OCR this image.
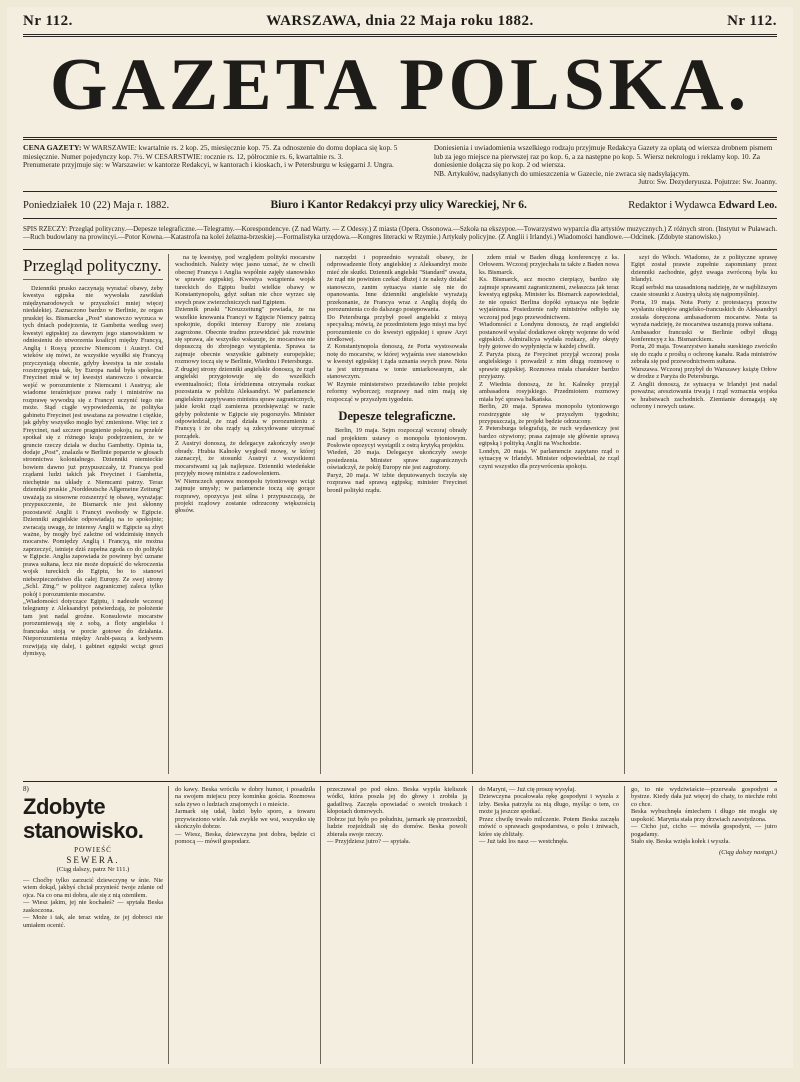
Nr 112.	WARSZAWA, dnia 22 Maja roku 1882.	Nr 112.
GAZETA POLSKA.
CENA GAZETY: W WARSZAWIE: kwartalnie rs. 2 kop. 25, miesięcznie kop. 75. Za odnoszenie do domu dopłaca się kop. 5 miesięcznie. Numer pojedynczy kop. 7½. W CESARSTWIE: rocznie rs. 12, półrocznie rs. 6, kwartalnie rs. 3.
Prenumerate przyjmuje się: w Warszawie: w kantorze Redakcyi, w kantorach i kioskach, i w Petersburgu w księgarni J. Ungra.
Doniesienia i uwiadomienia wszelkiego rodzaju przyjmuje Redakcya Gazety za opłatą od wiersza drobnem pismem lub za jego miejsce na pierwszej raz po kop. 6, a za następne po kop. 5. Wiersz nekrologu i reklamy kop. 10. Za doniesienie dołącza się po kop. 2 od wiersza.
NB. Artykułów, nadsyłanych do umieszczenia w Gazecie, nie zwraca się nadsyłającym.
Jutro: Sw. Dezyderyusza. Pojutrze: Sw. Joanny.
Poniedziałek 10 (22) Maja r. 1882.	Biuro i Kantor Redakcyi przy ulicy Wareckiej, Nr 6.	Redaktor i Wydawca Edward Leo.
SPIS RZECZY: Przegląd polityczny.—Depesze telegraficzne.—Telegramy.—Korespondencye. (Z nad Warty. — Z Odessy.) Z miasta (Opera. Ossonowa.—Szkoła na ekszypoe.—Towarzystwo wyparcia dla artystów muzycznych.) Z różnych stron. (Instytut w Puławach.—Ruch budowlany na prowincyi.—Potor Kowna.—Katastrofa na kolei żelazna-brzeskiej.—Formalistyka urzędowa.—Kongres literacki w Rzymie.) Artykuły policyjne. (Z Anglii i Irlandyi.) Wiadomości handlowe.—Odcinek. (Zdobyte stanowisko.)
Przegląd polityczny.
Dzienniki prusko zaczynają wyrażać obawy, żeby kwestya egipska nie wywołała zawikłań międzynarodowych w przyszłości mniej więcej niedalekiej. Zaznaczono bardzo w Berlinie, że organ pruskiej ks. Bismarcka „Post” stanowczo wyrzuca w tych dniach podejrzenia, iż Gambetta według swej kwestyi egipskiej za dawnym jego stanowiskiem w odniesieniu do utworzenia koalicyi między Francyą, Anglią i Rosyą przeciw Niemcom i Austryi. Od wieków się mówi, że wszystkie wysiłki się Francyą przyczyniają obecnie, gdyby kwestya ta nie została rozstrzygnięta tak, by Europa nadal była spokojna. Freycinet miał w tej kwestyi stanowczo i otwarcie wejść w porozumienie z Niemcami i Austryą; ale wiadome teraźniejsze prawa rady i ministrów na rozprawę wywodzą się z Francyi uczynić tego nie może. Stąd ciągłe wypowiedzenia, że polityka gabinetu Freycinet jest uważana za poważne i ciężkie, jak gdyby wszystko mogło być zmienione. Więc też z Freycinet, nad szczere pragnienie pokoju, na przekór spotkał się z różnego kraju podejrzeniem, że w gruncie rzeczy działa w duchu Gambetty. Opinia ta, dodaje „Post”, znalazła w Berlinie poparcie w głosach stronnictwa kolonialnego. Dzienniki niemieckie bowiem dawno już przypuszczały, iż Francya pod rządami ludzi takich jak Freycinet i Gambetta, niechętnie na układy z Niemcami patrzy. Teraz dzienniki pruskie „Norddeutsche Allgemeine Zeitung” uważają za stosowne rozszerzyć tę obawę, wyrażając przypuszczenie, że Bismarck nie jest skłonny pozostawić Anglii i Francyi swobody w Egipcie. Dzienniki angielskie odpowiadają na to spokojnie; zwracają uwagę, że interesy Anglii w Egipcie są zbyt ważne, by mogły być zależne od widzimisię innych mocarstw. Pomiędzy Anglią i Francyą, nie można zaprzeczyć, istnieje dziś zupełna zgoda co do polityki w Egipcie. Anglia zapowiada że powinny być uznane prawa sułtana, lecz nie może dopuścić do wkroczenia wojsk tureckich do Egiptu, bo to stanowi niebezpieczeństwo dla całej Europy. Ze swej strony „Schl. Ztng.” w polityce zagranicznej zaleca tylko pokój i porozumienie mocarstw.
„Wiadomości dotyczące Egiptu, i nadeszłe wczoraj telegramy z Aleksandryi potwierdzają, że położenie tam jest nadal groźne. Konsulowie mocarstw porozumiewają się z sobą, a floty angielska i francuska stoją w porcie gotowe do działania. Nieporozumienia między Arabi-paszą a kedywem rozwijają się dalej, i gabinet egipski wciąż grozi dymisyą.
na tę kwestyę, pod względem polityki mocarstw wschodnich. Należy więc jasno uznać, że w chwili obecnej Francya i Anglia wspólnie zajęły stanowisko w sprawie egipskiej. Kwestya wstąpienia wojsk tureckich do Egiptu budzi wielkie obawy w Konstantynopolu, gdyż sułtan nie chce wyrzec się swych praw zwierzchniczych nad Egiptem.
Dziennik pruski "Kreuzzeitung" powiada, że na wszelkie knowania Francyi w Egipcie Niemcy patrzą spokojnie, dopóki interesy Europy nie zostaną zagrożone. Obecnie trudno przewidzieć jak rozwinie się sprawa, ale wszystko wskazuje, że mocarstwa nie dopuszczą do zbrojnego wystąpienia. Sprawa ta zajmuje obecnie wszystkie gabinety europejskie; rozmowy toczą się w Berlinie, Wiedniu i Petersburgu.
Z drugiej strony dzienniki angielskie donoszą, że rząd angielski przygotowuje się do wszelkich ewentualności; flota śródziemna otrzymała rozkaz pozostania w pobliżu Aleksandryi. W parlamencie angielskim zapytywano ministra spraw zagranicznych, jakie kroki rząd zamierza przedsięwziąć w razie gdyby położenie w Egipcie się pogorszyło. Minister odpowiedział, że rząd działa w porozumieniu z Francyą i że oba rządy są zdecydowane utrzymać porządek.
Z Austryi donoszą, że delegacye zakończyły swoje obrady. Hrabia Kalnoky wygłosił mowę, w której zaznaczył, że stosunki Austryi z wszystkiemi mocarstwami są jak najlepsze. Dzienniki wiedeńskie przyjęły mowę ministra z zadowoleniem.
W Niemczech sprawa monopolu tytoniowego wciąż zajmuje umysły; w parlamencie toczą się gorące rozprawy, opozycya jest silna i przypuszczają, że projekt rządowy zostanie odrzucony większością głosów.
narzędzi i poprzednio wyrażali obawy, że odprowadzenie floty angielskiej z Aleksandryi może mieć złe skutki. Dziennik angielski "Standard" uważa, że rząd nie powinien czekać dłużej i że należy działać stanowczo, zanim sytuacya stanie się nie do opanowania. Inne dzienniki angielskie wyrażają przekonanie, że Francya wraz z Anglią dojdą do porozumienia co do dalszego postępowania.
Do Petersburga przybył poseł angielski z misyą specyalną; mówią, że przedmiotem jego misyi ma być porozumienie co do kwestyi egipskiej i spraw Azyi środkowej.
Z Konstantynopola donoszą, że Porta wystosowała notę do mocarstw, w której wyjaśnia swe stanowisko w kwestyi egipskiej i żąda uznania swych praw. Nota ta jest utrzymana w tonie umiarkowanym, ale stanowczym.
W Rzymie ministerstwo przedstawiło izbie projekt reformy wyborczej; rozprawy nad nim mają się rozpocząć w przyszłym tygodniu.
Depesze telegraficzne.
Berlin, 19 maja. Sejm rozpoczął wczoraj obrady nad projektem ustawy o monopolu tytoniowym. Posłowie opozycyi wystąpili z ostrą krytyką projektu.
Wiedeń, 20 maja. Delegacye ukończyły swoje posiedzenia. Minister spraw zagranicznych oświadczył, że pokój Europy nie jest zagrożony.
Paryż, 20 maja. W izbie deputowanych toczyła się rozprawa nad sprawą egipską; minister Freycinet bronił polityki rządu.
zdem miał w Baden długą konferencyę z ks. Orłowem. Wczoraj przyjechała tu także z Baden nowa ks. Bismarck.
Ks. Bismarck, acz mocno cierpiący, bardzo się zajmuje sprawami zagranicznemi, zwłaszcza jak teraz kwestyą egipską. Minister ks. Bismarck zapowiedział, że nie opuści Berlina dopóki sytuacya nie będzie wyjaśniona. Posiedzenie rady ministrów odbyło się wczoraj pod jego przewodnictwem.
Wiadomości z Londynu donoszą, że rząd angielski postanowił wysłać dodatkowe okręty wojenne do wód egipskich. Admiralicya wydała rozkazy, aby okręty były gotowe do wypłynięcia w każdej chwili.
Z Paryża piszą, że Freycinet przyjął wczoraj posła angielskiego i prowadził z nim długą rozmowę o sprawie egipskiej. Rozmowa miała charakter bardzo przyjazny.
Z Wiednia donoszą, że hr. Kalnoky przyjął ambasadora rosyjskiego. Przedmiotem rozmowy miała być sprawa bałkańska.
Berlin, 20 maja. Sprawa monopolu tytoniowego rozstrzygnie się w przyszłym tygodniu; przypuszczają, że projekt będzie odrzucony.
Z Petersburga telegrafują, że ruch wydawniczy jest bardzo ożywiony; prasa zajmuje się głównie sprawą egipską i polityką Anglii na Wschodzie.
Londyn, 20 maja. W parlamencie zapytano rząd o sytuacyę w Irlandyi. Minister odpowiedział, że rząd czyni wszystko dla przywrócenia spokoju.
szyi do Włoch. Wiadomo, że z polityczne sprawę Egipt został prawie zupełnie zapomniany przez dzienniki zachodnie, gdyż uwaga zwróconą była ku Irlandyi.
Rząd serbski ma uzasadnioną nadzieję, że w najbliższym czasie stosunki z Austryą ułożą się najpomyślniej.
Porta, 19 maja. Nota Porty z protestacyą przeciw wysłaniu okrętów angielsko-francuskich do Aleksandryi została doręczona ambasadorom mocarstw. Nota ta wyraża nadzieję, że mocarstwa uszanują prawa sułtana.
Ambasador francuski w Berlinie odbył długą konferencyę z ks. Bismarckiem.
Porta, 20 maja. Towarzystwo kanału sueskiego zwróciło się do rządu z prośbą o ochronę kanału. Rada ministrów zebrała się pod przewodnictwem sułtana.
Warszawa. Wczoraj przybył do Warszawy książę Orłow w drodze z Paryża do Petersburga.
Z Anglii donoszą, że sytuacya w Irlandyi jest nadal poważna; aresztowania trwają i rząd wzmacnia wojska w hrabstwach zachodnich. Ziemianie domagają się ochrony i nowych ustaw.
8)
Zdobyte stanowisko.
POWIEŚĆ
SEWERA.
(Ciąg dalszy, patrz Nr 111.)
— Choćby tylko zarzucić dziewczynę w śnie. Nie wiem dokąd, jakbyś chciał przynieść twoje zdanie od ojca. Na co ona mi dobra, ale się z nią ożeniłem.
— Wiesz jakim, jej nie kochałeś? — spytała Beska zaskoczona.
— Może i tak, ale teraz widzę, że jej dobroci nie umiałem ocenić.
do kawy. Beska wróciła w dobry humor, i posadziła na swojem miejscu przy kominku gościa. Rozmowa szła żywo o ludziach znajomych i o mieście.
Jarmark się udał, ludzi było sporo, a towaru przywieziono wiele. Jak zwykle we wsi, wszystko się skończyło dobrze.
— Wiesz, Beska, dziewczyna jest dobra, będzie ci pomocą — mówił gospodarz.
przeczuwał po pod okno. Beska wypiła kieliszek wódki, która poszła jej do głowy i zrobiła ją gadatliwą. Zaczęła opowiadać o swoich troskach i kłopotach domowych.
Dobrze już było po południu, jarmark się przerzedził, ludzie rozjeżdżali się do domów. Beska powoli zbierała swoje rzeczy.
— Przyjdziesz jutro? — spytała.
do Maryni, — Już cię proszę wysyłaj.
Dziewczyna pocałowała rękę gospodyni i wyszła z izby. Beska patrzyła za nią długo, myśląc o tem, co może ją jeszcze spotkać.
Przez chwilę trwało milczenie. Potem Beska zaczęła mówić o sprawach gospodarstwa, o polu i żniwach, które się zbliżały.
— Już taki los nasz — westchnęła.
go, to nie wydziwiaście—przerwała gospodyni a bystrze. Kiedy dała już więcej do chaty, to niechże robi co chce.
Beska wybuchnęła śmiechem i długo nie mogła się uspokoić. Marynia stała przy drzwiach zawstydzona.
— Cicho już, cicho — mówiła gospodyni, — jutro pogadamy.
Stało się. Beska wzięła kołek i wyszła.
(Ciąg dalszy nastąpi.)
